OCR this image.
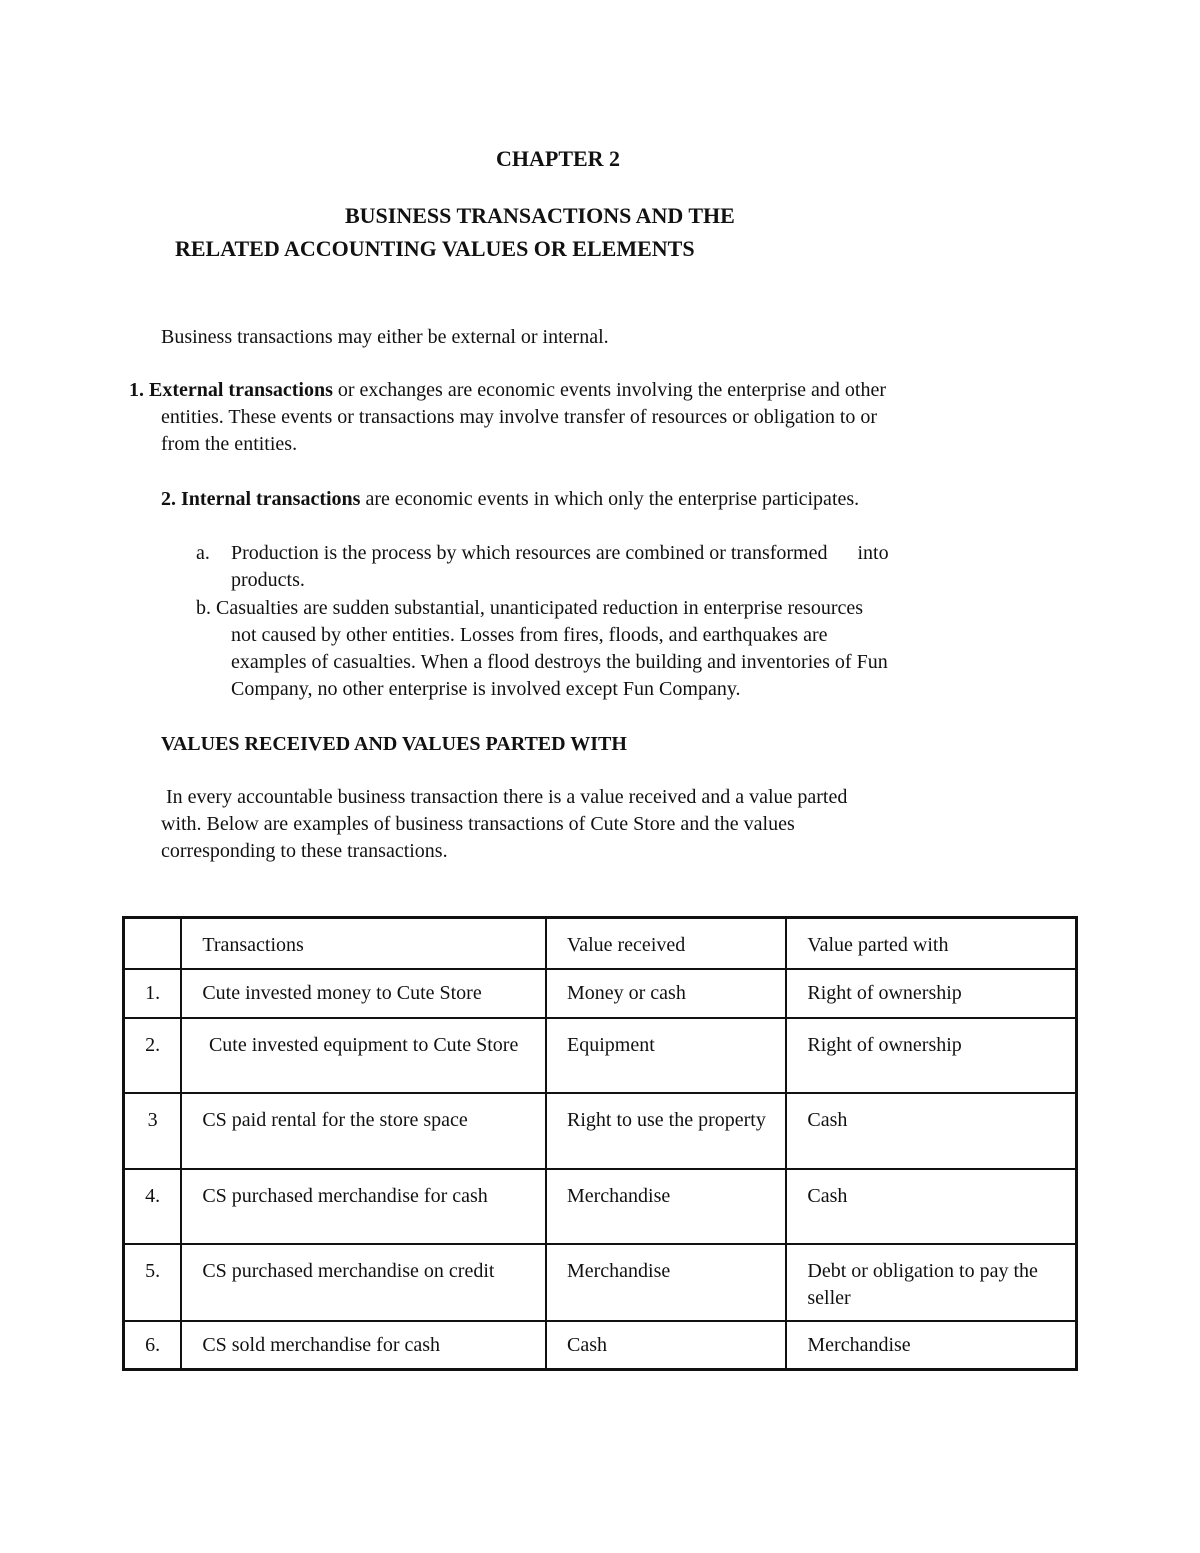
CHAPTER 2
BUSINESS TRANSACTIONS AND THE
RELATED ACCOUNTING VALUES OR ELEMENTS
Business transactions may either be external or internal.
1. External transactions or exchanges are economic events involving the enterprise and other
entities. These events or transactions may involve transfer of resources or obligation to or
from the entities.
2. Internal transactions are economic events in which only the enterprise participates.
a. Production is the process by which resources are combined or transformed      into
products.
b. Casualties are sudden substantial, unanticipated reduction in enterprise resources
not caused by other entities. Losses from fires, floods, and earthquakes are
examples of casualties. When a flood destroys the building and inventories of Fun
Company, no other enterprise is involved except Fun Company.
VALUES RECEIVED AND VALUES PARTED WITH
In every accountable business transaction there is a value received and a value parted
with. Below are examples of business transactions of Cute Store and the values
corresponding to these transactions.
	Transactions	Value received	Value parted with
1.	Cute invested money to Cute Store	Money or cash	Right of ownership
2.	Cute invested equipment to Cute Store	Equipment	Right of ownership
3	CS paid rental for the store space	Right to use the property	Cash
4.	CS purchased merchandise for cash	Merchandise	Cash
5.	CS purchased merchandise on credit	Merchandise	Debt or obligation to pay the seller
6.	CS sold merchandise for cash	Cash	Merchandise
